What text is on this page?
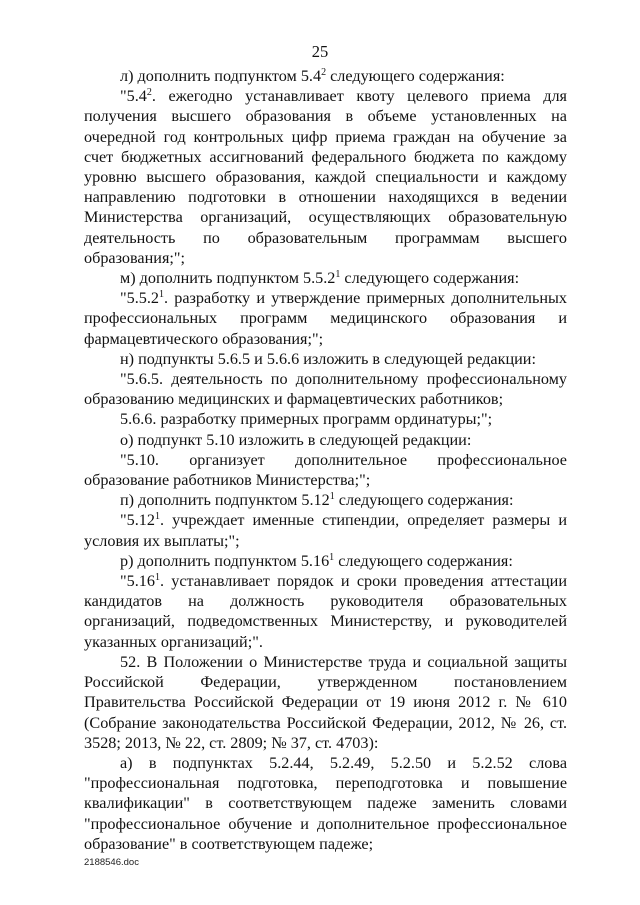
25

л) дополнить подпунктом $5.4^2$ следующего содержания:

"$5.4^2$. ежегодно устанавливает квоту целевого приема для получения высшего образования в объеме установленных на очередной год контрольных цифр приема граждан на обучение за счет бюджетных ассигнований федерального бюджета по каждому уровню высшего образования, каждой специальности и каждому направлению подготовки в отношении находящихся в ведении Министерства организаций, осуществляющих образовательную деятельность по образовательным программам высшего образования;";

м) дополнить подпунктом 5.5.2$^1$ следующего содержания:

"5.5.2$^1$. разработку и утверждение примерных дополнительных профессиональных программ медицинского образования и фармацевтического образования;";

н) подпункты 5.6.5 и 5.6.6 изложить в следующей редакции:

"5.6.5. деятельность по дополнительному профессиональному образованию медицинских и фармацевтических работников;

5.6.6. разработку примерных программ ординатуры;";

о) подпункт 5.10 изложить в следующей редакции:

"5.10. организует дополнительное профессиональное образование работников Министерства;";

п) дополнить подпунктом 5.12$^1$ следующего содержания:

"5.12$^1$. учреждает именные стипендии, определяет размеры и условия их выплаты;";

р) дополнить подпунктом 5.16$^1$ следующего содержания:

"5.16$^1$. устанавливает порядок и сроки проведения аттестации кандидатов на должность руководителя образовательных организаций, подведомственных Министерству, и руководителей указанных организаций;".

52. В Положении о Министерстве труда и социальной защиты Российской Федерации, утвержденном постановлением Правительства Российской Федерации от 19 июня 2012 г. № 610 (Собрание законодательства Российской Федерации, 2012, № 26, ст. 3528; 2013, № 22, ст. 2809; № 37, ст. 4703):

а) в подпунктах 5.2.44, 5.2.49, 5.2.50 и 5.2.52 слова "профессиональная подготовка, переподготовка и повышение квалификации" в соответствующем падеже заменить словами "профессиональное обучение и дополнительное профессиональное образование" в соответствующем падеже;

2188546.doc
